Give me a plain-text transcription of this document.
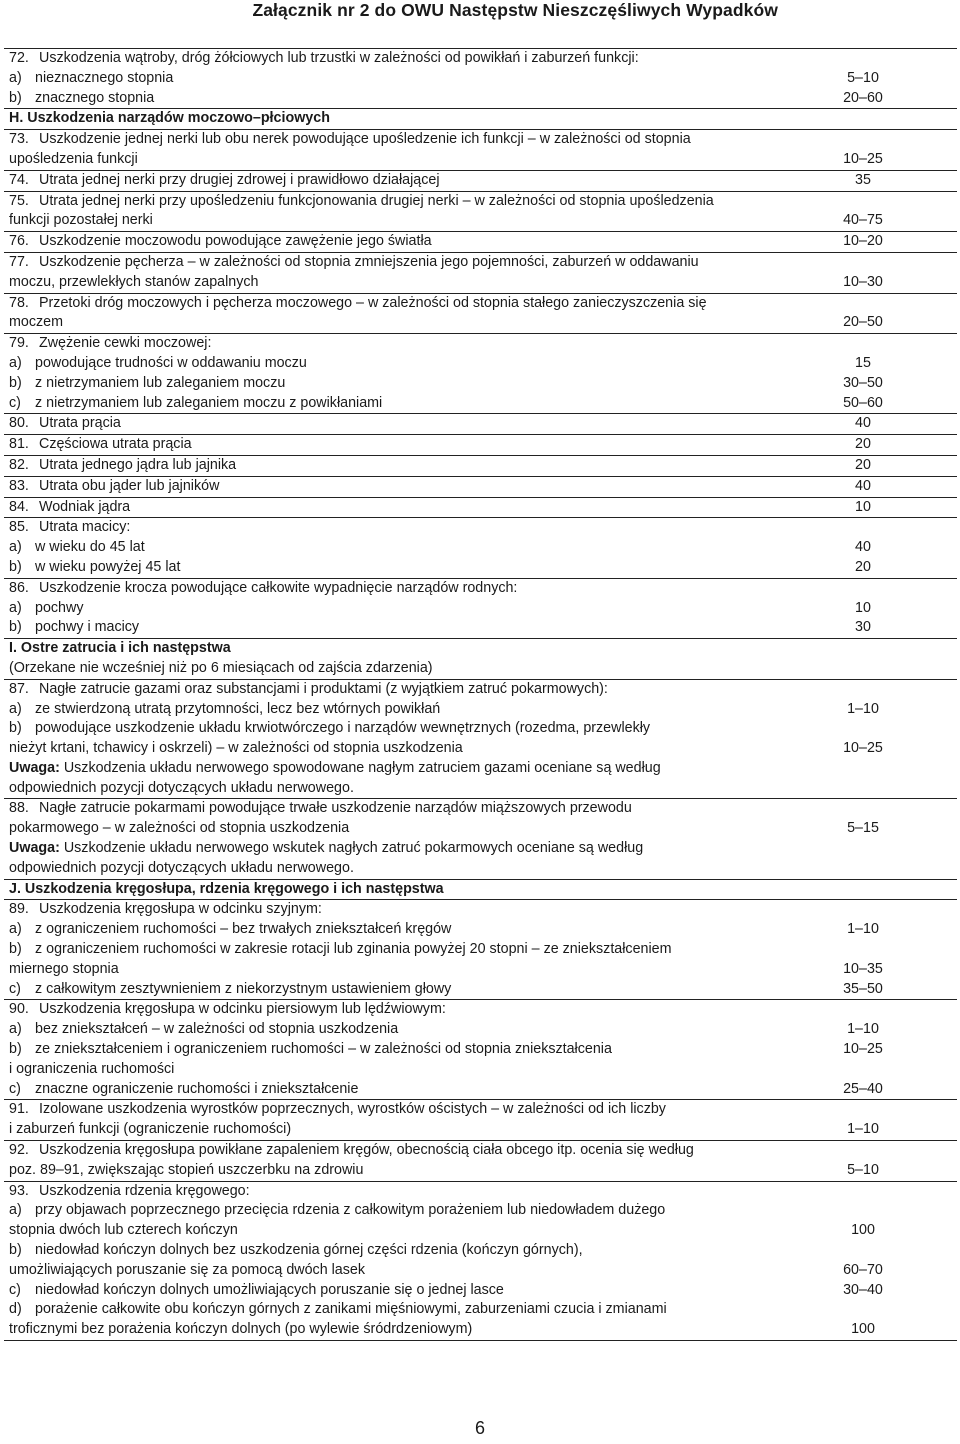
Załącznik nr 2 do OWU Następstw Nieszczęśliwych Wypadków
72. Uszkodzenia wątroby, dróg żółciowych lub trzustki w zależności od powikłań i zaburzeń funkcji:
a) nieznacznego stopnia	5–10
b) znacznego stopnia	20–60
H. Uszkodzenia narządów moczowo–płciowych
73. Uszkodzenie jednej nerki lub obu nerek powodujące upośledzenie ich funkcji – w zależności od stopnia
upośledzenia funkcji	10–25
74. Utrata jednej nerki przy drugiej zdrowej i prawidłowo działającej	35
75. Utrata jednej nerki przy upośledzeniu funkcjonowania drugiej nerki – w zależności od stopnia upośledzenia
funkcji pozostałej nerki	40–75
76. Uszkodzenie moczowodu powodujące zawężenie jego światła	10–20
77. Uszkodzenie pęcherza – w zależności od stopnia zmniejszenia jego pojemności, zaburzeń w oddawaniu
moczu, przewlekłych stanów zapalnych	10–30
78. Przetoki dróg moczowych i pęcherza moczowego – w zależności od stopnia stałego zanieczyszczenia się
moczem	20–50
79. Zwężenie cewki moczowej:
a) powodujące trudności w oddawaniu moczu	15
b) z nietrzymaniem lub zaleganiem moczu	30–50
c) z nietrzymaniem lub zaleganiem moczu z powikłaniami	50–60
80. Utrata prącia	40
81. Częściowa utrata prącia	20
82. Utrata jednego jądra lub jajnika	20
83. Utrata obu jąder lub jajników	40
84. Wodniak jądra	10
85. Utrata macicy:
a) w wieku do 45 lat	40
b) w wieku powyżej 45 lat	20
86. Uszkodzenie krocza powodujące całkowite wypadnięcie narządów rodnych:
a) pochwy	10
b) pochwy i macicy	30
I. Ostre zatrucia i ich następstwa
(Orzekane nie wcześniej niż po 6 miesiącach od zajścia zdarzenia)
87. Nagłe zatrucie gazami oraz substancjami i produktami (z wyjątkiem zatruć pokarmowych):
a) ze stwierdzoną utratą przytomności, lecz bez wtórnych powikłań	1–10
b) powodujące uszkodzenie układu krwiotwórczego i narządów wewnętrznych (rozedma, przewlekły
nieżyt krtani, tchawicy i oskrzeli) – w zależności od stopnia uszkodzenia	10–25
Uwaga: Uszkodzenia układu nerwowego spowodowane nagłym zatruciem gazami oceniane są według
odpowiednich pozycji dotyczących układu nerwowego.
88. Nagłe zatrucie pokarmami powodujące trwałe uszkodzenie narządów miąższowych przewodu
pokarmowego – w zależności od stopnia uszkodzenia	5–15
Uwaga: Uszkodzenie układu nerwowego wskutek nagłych zatruć pokarmowych oceniane są według
odpowiednich pozycji dotyczących układu nerwowego.
J. Uszkodzenia kręgosłupa, rdzenia kręgowego i ich następstwa
89. Uszkodzenia kręgosłupa w odcinku szyjnym:
a) z ograniczeniem ruchomości – bez trwałych zniekształceń kręgów	1–10
b) z ograniczeniem ruchomości w zakresie rotacji lub zginania powyżej 20 stopni – ze zniekształceniem
miernego stopnia	10–35
c) z całkowitym zesztywnieniem z niekorzystnym ustawieniem głowy	35–50
90. Uszkodzenia kręgosłupa w odcinku piersiowym lub lędźwiowym:
a) bez zniekształceń – w zależności od stopnia uszkodzenia	1–10
b) ze zniekształceniem i ograniczeniem ruchomości – w zależności od stopnia zniekształcenia	10–25
i ograniczenia ruchomości
c) znaczne ograniczenie ruchomości i zniekształcenie	25–40
91. Izolowane uszkodzenia wyrostków poprzecznych, wyrostków ościstych – w zależności od ich liczby
i zaburzeń funkcji (ograniczenie ruchomości)	1–10
92. Uszkodzenia kręgosłupa powikłane zapaleniem kręgów, obecnością ciała obcego itp. ocenia się według
poz. 89–91, zwiększając stopień uszczerbku na zdrowiu	5–10
93. Uszkodzenia rdzenia kręgowego:
a) przy objawach poprzecznego przecięcia rdzenia z całkowitym porażeniem lub niedowładem dużego
stopnia dwóch lub czterech kończyn	100
b) niedowład kończyn dolnych bez uszkodzenia górnej części rdzenia (kończyn górnych),
umożliwiających poruszanie się za pomocą dwóch lasek	60–70
c) niedowład kończyn dolnych umożliwiających poruszanie się o jednej lasce	30–40
d) porażenie całkowite obu kończyn górnych z zanikami mięśniowymi, zaburzeniami czucia i zmianami
troficznymi bez porażenia kończyn dolnych (po wylewie śródrdzeniowym)	100
6
